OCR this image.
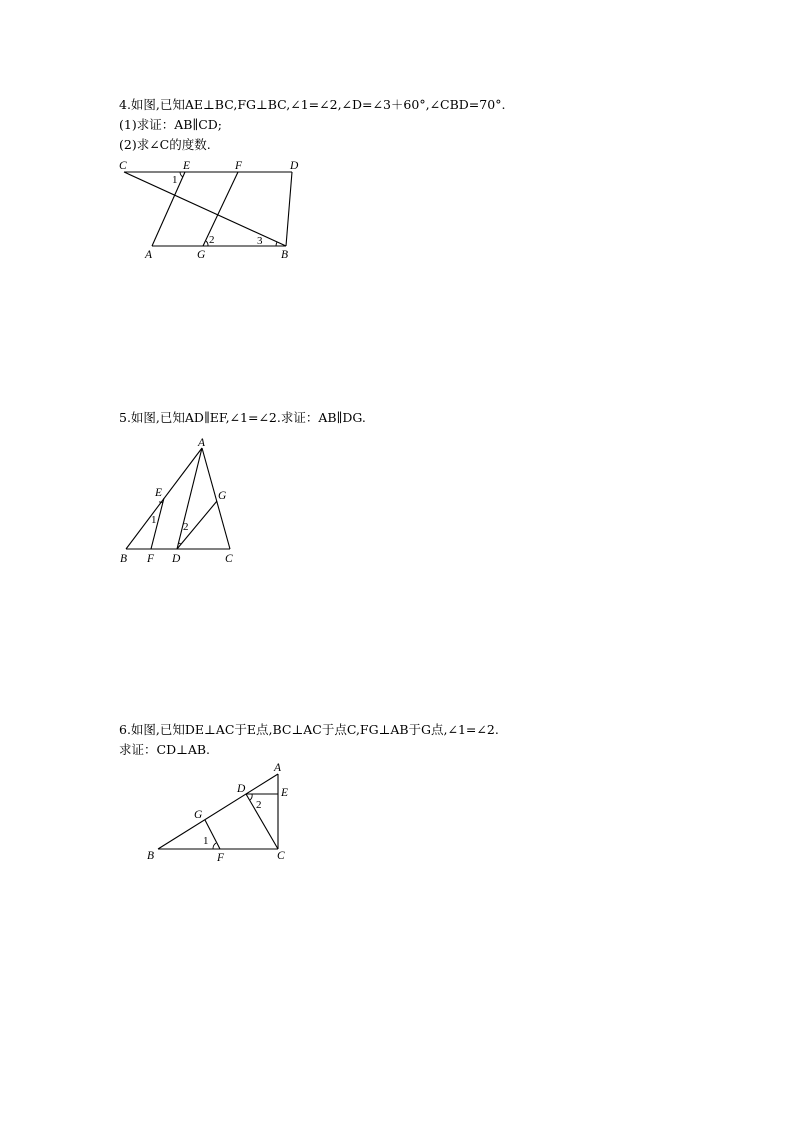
4.如图,已知AE⊥BC,FG⊥BC,∠1=∠2,∠D=∠3＋60°,∠CBD=70°.
(1)求证：AB∥CD;
(2)求∠C的度数.
C	E	F	D
A	G	B
1
2	3
5.如图,已知AD∥EF,∠1=∠2.求证：AB∥DG.
A
E	G
B F D	C
1
2
6.如图,已知DE⊥AC于E点,BC⊥AC于点C,FG⊥AB于G点,∠1=∠2.
求证：CD⊥AB.
A
D	E
G
B	F	C
1
2
